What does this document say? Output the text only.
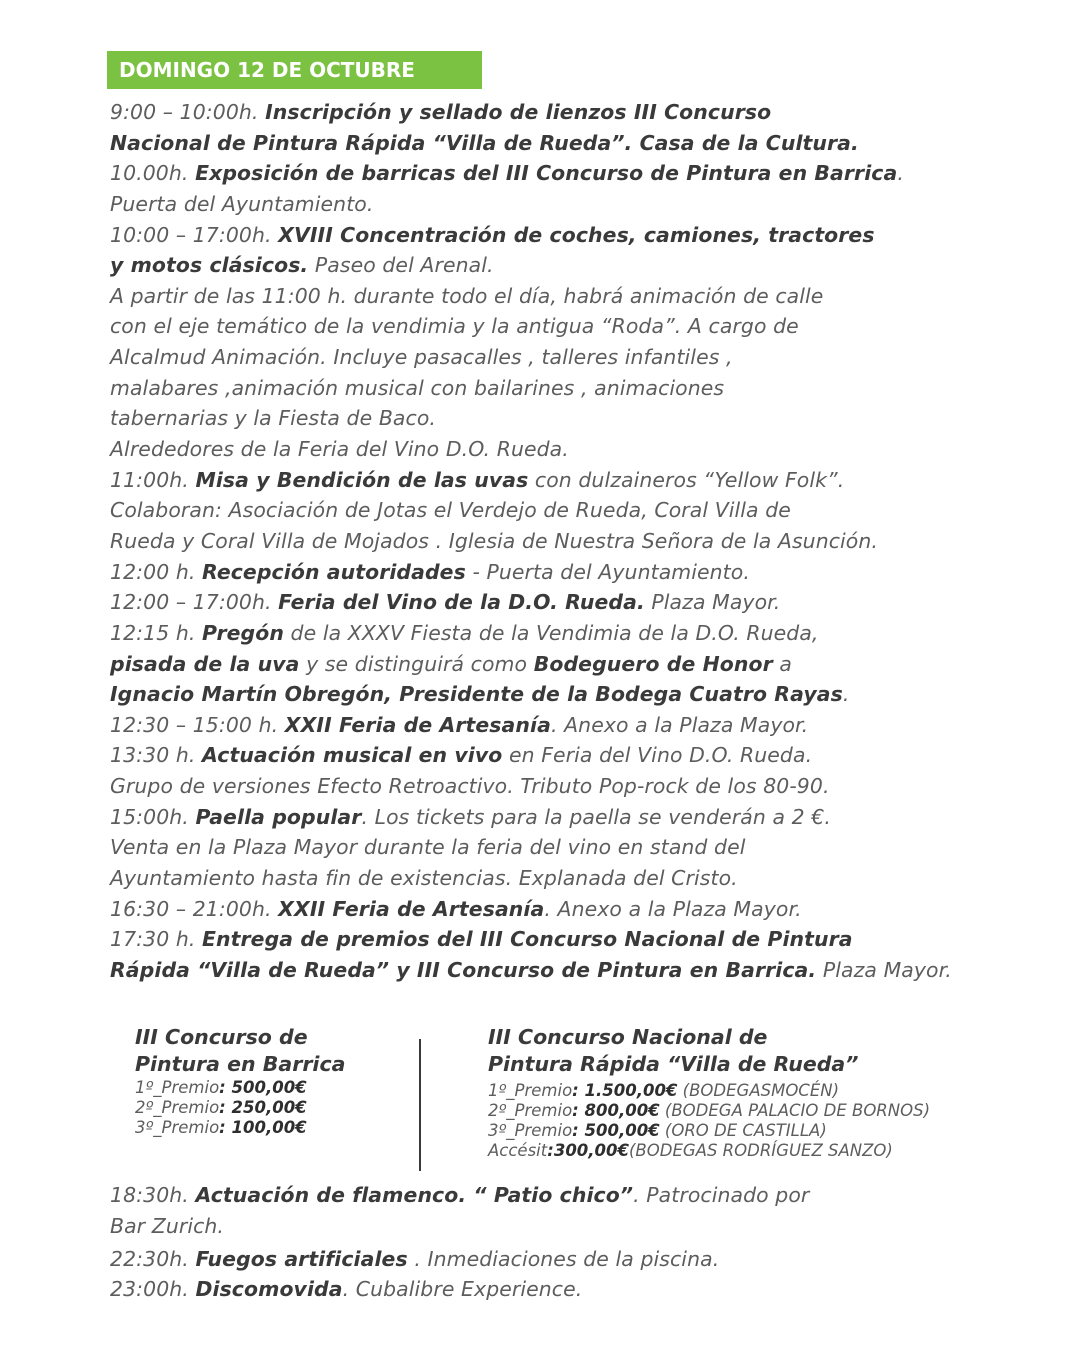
DOMINGO 12 DE OCTUBRE
9:00 – 10:00h. Inscripción y sellado de lienzos III Concurso
Nacional de Pintura Rápida “Villa de Rueda”. Casa de la Cultura.
10.00h. Exposición de barricas del III Concurso de Pintura en Barrica.
Puerta del Ayuntamiento.
10:00 – 17:00h. XVIII Concentración de coches, camiones, tractores
y motos clásicos. Paseo del Arenal.
A partir de las 11:00 h. durante todo el día, habrá animación de calle
con el eje temático de la vendimia y la antigua “Roda”. A cargo de
Alcalmud Animación. Incluye pasacalles , talleres infantiles ,
malabares ,animación musical con bailarines , animaciones
tabernarias y la Fiesta de Baco.
Alrededores de la Feria del Vino D.O. Rueda.
11:00h. Misa y Bendición de las uvas con dulzaineros “Yellow Folk”.
Colaboran: Asociación de Jotas el Verdejo de Rueda, Coral Villa de
Rueda y Coral Villa de Mojados . Iglesia de Nuestra Señora de la Asunción.
12:00 h. Recepción autoridades - Puerta del Ayuntamiento.
12:00 – 17:00h. Feria del Vino de la D.O. Rueda. Plaza Mayor.
12:15 h. Pregón de la XXXV Fiesta de la Vendimia de la D.O. Rueda,
pisada de la uva y se distinguirá como Bodeguero de Honor a
Ignacio Martín Obregón, Presidente de la Bodega Cuatro Rayas.
12:30 – 15:00 h. XXII Feria de Artesanía. Anexo a la Plaza Mayor.
13:30 h. Actuación musical en vivo en Feria del Vino D.O. Rueda.
Grupo de versiones Efecto Retroactivo. Tributo Pop-rock de los 80-90.
15:00h. Paella popular. Los tickets para la paella se venderán a 2 €.
Venta en la Plaza Mayor durante la feria del vino en stand del
Ayuntamiento hasta fin de existencias. Explanada del Cristo.
16:30 – 21:00h. XXII Feria de Artesanía. Anexo a la Plaza Mayor.
17:30 h. Entrega de premios del III Concurso Nacional de Pintura
Rápida “Villa de Rueda” y III Concurso de Pintura en Barrica. Plaza Mayor.
III Concurso de
Pintura en Barrica
1º_Premio: 500,00€
2º_Premio: 250,00€
3º_Premio: 100,00€
III Concurso Nacional de
Pintura Rápida “Villa de Rueda”
1º_Premio: 1.500,00€ (BODEGASMOCÉN)
2º_Premio: 800,00€ (BODEGA PALACIO DE BORNOS)
3º_Premio: 500,00€ (ORO DE CASTILLA)
Accésit:300,00€(BODEGAS RODRÍGUEZ SANZO)
18:30h. Actuación de flamenco. “ Patio chico”. Patrocinado por
Bar Zurich.
22:30h. Fuegos artificiales . Inmediaciones de la piscina.
23:00h. Discomovida. Cubalibre Experience.
